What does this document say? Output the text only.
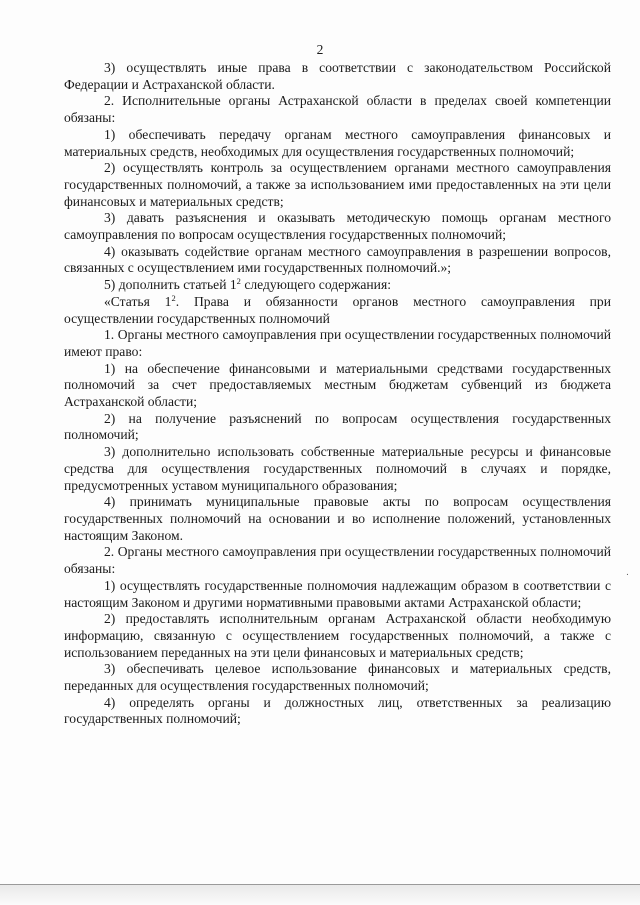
2

3) осуществлять иные права в соответствии с законодательством Российской Федерации и Астраханской области.

2. Исполнительные органы Астраханской области в пределах своей компетенции обязаны:

1) обеспечивать передачу органам местного самоуправления финансовых и материальных средств, необходимых для осуществления государственных полномочий;

2) осуществлять контроль за осуществлением органами местного самоуправления государственных полномочий, а также за использованием ими предоставленных на эти цели финансовых и материальных средств;

3) давать разъяснения и оказывать методическую помощь органам местного самоуправления по вопросам осуществления государственных полномочий;

4) оказывать содействие органам местного самоуправления в разрешении вопросов, связанных с осуществлением ими государственных полномочий.»;

5) дополнить статьей $1^2$ следующего содержания:

«Статья $1^2$. Права и обязанности органов местного самоуправления при осуществлении государственных полномочий

1. Органы местного самоуправления при осуществлении государственных полномочий имеют право:

1) на обеспечение финансовыми и материальными средствами государственных полномочий за счет предоставляемых местным бюджетам субвенций из бюджета Астраханской области;

2) на получение разъяснений по вопросам осуществления государственных полномочий;

3) дополнительно использовать собственные материальные ресурсы и финансовые средства для осуществления государственных полномочий в случаях и порядке, предусмотренных уставом муниципального образования;

4) принимать муниципальные правовые акты по вопросам осуществления государственных полномочий на основании и во исполнение положений, установленных настоящим Законом.

2. Органы местного самоуправления при осуществлении государственных полномочий обязаны:

1) осуществлять государственные полномочия надлежащим образом в соответствии с настоящим Законом и другими нормативными правовыми актами Астраханской области;

2) предоставлять исполнительным органам Астраханской области необходимую информацию, связанную с осуществлением государственных полномочий, а также с использованием переданных на эти цели финансовых и материальных средств;

3) обеспечивать целевое использование финансовых и материальных средств, переданных для осуществления государственных полномочий;

4) определять органы и должностных лиц, ответственных за реализацию государственных полномочий;

.
